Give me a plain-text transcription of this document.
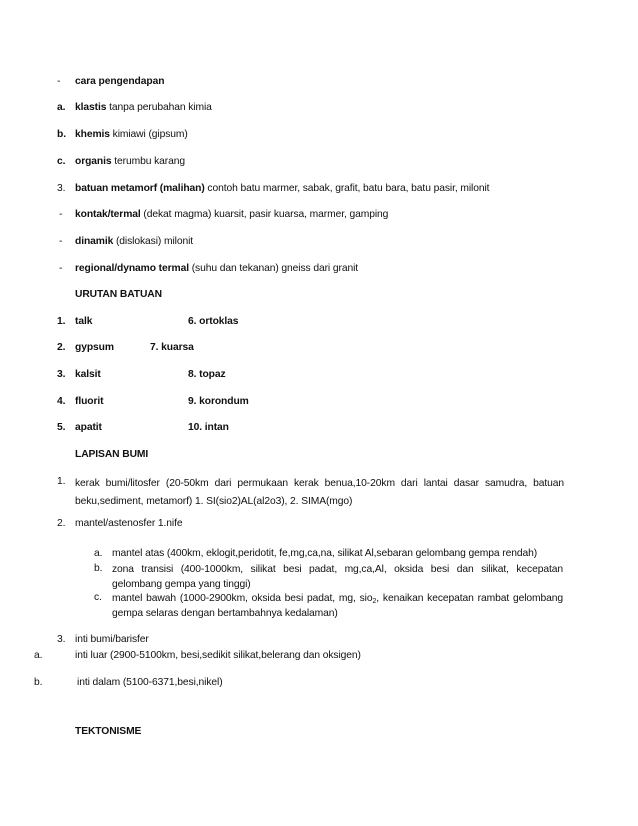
- cara pengendapan
a. klastis tanpa perubahan kimia
b. khemis kimiawi (gipsum)
c. organis terumbu karang
3. batuan metamorf (malihan) contoh batu marmer, sabak, grafit, batu bara, batu pasir, milonit
- kontak/termal (dekat magma) kuarsit, pasir kuarsa, marmer, gamping
- dinamik (dislokasi) milonit
- regional/dynamo termal (suhu dan tekanan) gneiss dari granit
URUTAN BATUAN
1. talk	6. ortoklas
2. gypsum	7. kuarsa
3. kalsit	8. topaz
4. fluorit	9. korondum
5. apatit	10. intan
LAPISAN BUMI
1. kerak bumi/litosfer (20-50km dari permukaan kerak benua,10-20km dari lantai dasar samudra, batuan beku,sediment, metamorf) 1. SI(sio2)AL(al2o3), 2. SIMA(mgo)
2. mantel/astenosfer 1.nife
a. mantel atas (400km, eklogit,peridotit, fe,mg,ca,na, silikat Al,sebaran gelombang gempa rendah)
b. zona transisi (400-1000km, silikat besi padat, mg,ca,Al, oksida besi dan silikat, kecepatan gelombang gempa yang tinggi)
c. mantel bawah (1000-2900km, oksida besi padat, mg, sio$_2$, kenaikan kecepatan rambat gelombang gempa selaras dengan bertambahnya kedalaman)
3. inti bumi/barisfer
a.	inti luar (2900-5100km, besi,sedikit silikat,belerang dan oksigen)
b.	inti dalam (5100-6371,besi,nikel)
TEKTONISME
